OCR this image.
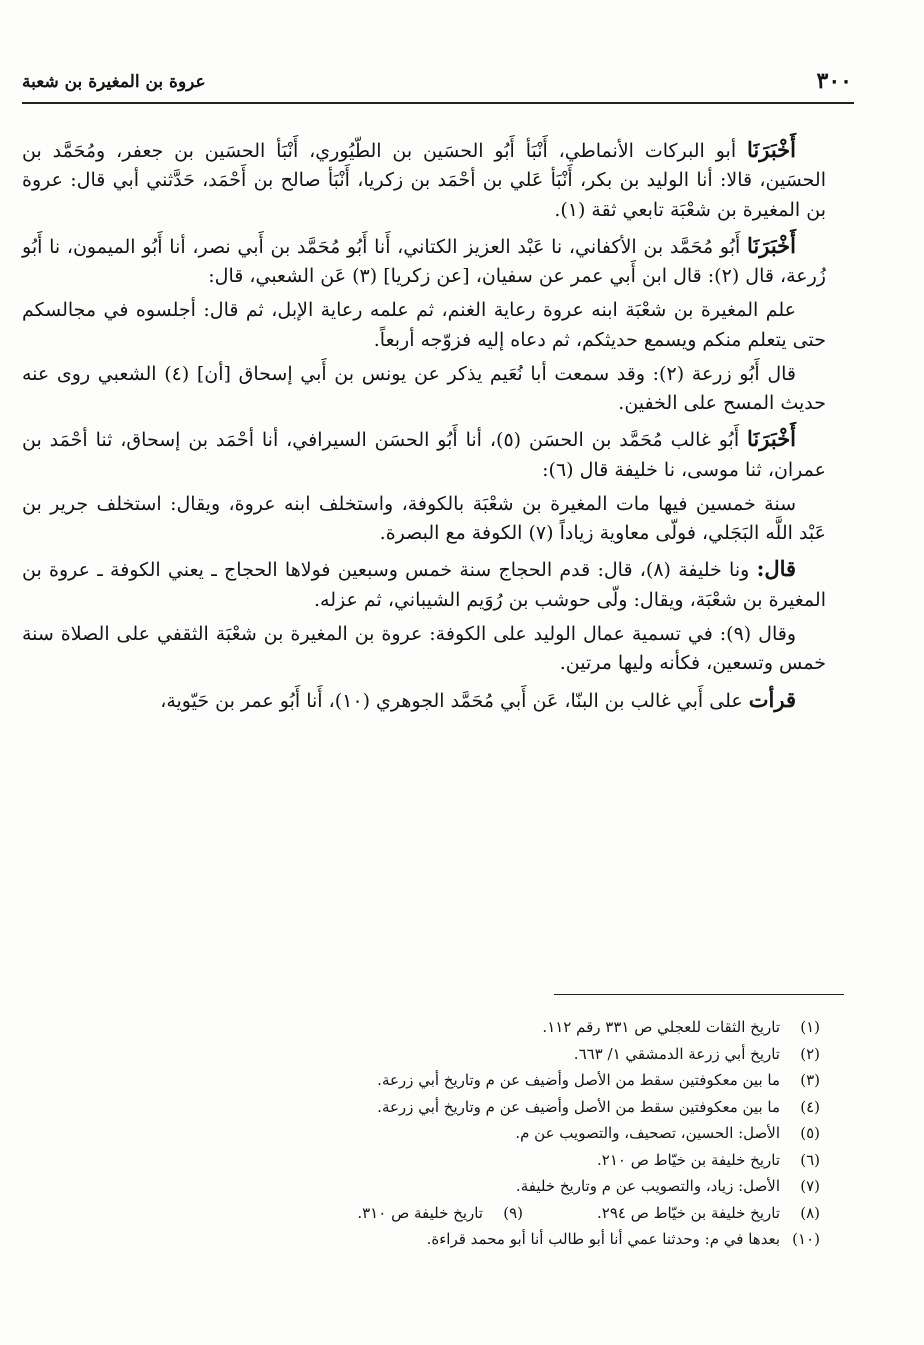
٣٠٠
عروة بن المغيرة بن شعبة

أَخْبَرَنَا أبو البركات الأنماطي، أَنْبَأ أَبُو الحسَين بن الطّيُوري، أَنْبَأ الحسَين بن جعفر، ومُحَمَّد بن الحسَين، قالا: أنا الوليد بن بكر، أَنْبَأ عَلي بن أحْمَد بن زكريا، أَنْبَأ صالح بن أَحْمَد، حَدَّثني أبي قال: عروة بن المغيرة بن شعْبَة تابعي ثقة (١).

أَخْبَرَنَا أَبُو مُحَمَّد بن الأكفاني، نا عَبْد العزيز الكتاني، أَنا أَبُو مُحَمَّد بن أَبي نصر، أنا أَبُو الميمون، نا أَبُو زُرعة، قال (٢): قال ابن أَبي عمر عن سفيان، [عن زكريا] (٣) عَن الشعبي، قال:

علم المغيرة بن شعْبَة ابنه عروة رعاية الغنم، ثم علمه رعاية الإبل، ثم قال: أجلسوه في مجالسكم حتى يتعلم منكم ويسمع حديثكم، ثم دعاه إليه فزوّجه أربعاً.

قال أَبُو زرعة (٢): وقد سمعت أبا نُعَيم يذكر عن يونس بن أَبي إسحاق [أن] (٤) الشعبي روى عنه حديث المسح على الخفين.

أَخْبَرَنَا أَبُو غالب مُحَمَّد بن الحسَن (٥)، أنا أَبُو الحسَن السيرافي، أنا أحْمَد بن إسحاق، ثنا أحْمَد بن عمران، ثنا موسى، نا خليفة قال (٦):

سنة خمسين فيها مات المغيرة بن شعْبَة بالكوفة، واستخلف ابنه عروة، ويقال: استخلف جرير بن عَبْد اللَّه البَجَلي، فولّى معاوية زياداً (٧) الكوفة مع البصرة.

قال: ونا خليفة (٨)، قال: قدم الحجاج سنة خمس وسبعين فولاها الحجاج ـ يعني الكوفة ـ عروة بن المغيرة بن شعْبَة، ويقال: ولّى حوشب بن رُوَيم الشيباني، ثم عزله.

وقال (٩): في تسمية عمال الوليد على الكوفة: عروة بن المغيرة بن شعْبَة الثقفي على الصلاة سنة خمس وتسعين، فكأنه وليها مرتين.

قرأت على أَبي غالب بن البنّا، عَن أَبي مُحَمَّد الجوهري (١٠)، أَنا أَبُو عمر بن حَيّوية،

(١)تاريخ الثقات للعجلي ص ٣٣١ رقم ١١٢.
(٢)تاريخ أبي زرعة الدمشقي ١/ ٦٦٣.
(٣)ما بين معكوفتين سقط من الأصل وأضيف عن م وتاريخ أبي زرعة.
(٤)ما بين معكوفتين سقط من الأصل وأضيف عن م وتاريخ أبي زرعة.
(٥)الأصل: الحسين، تصحيف، والتصويب عن م.
(٦)تاريخ خليفة بن خيّاط ص ٢١٠.
(٧)الأصل: زياد، والتصويب عن م وتاريخ خليفة.
(٨)تاريخ خليفة بن خيّاط ص ٢٩٤.(٩)تاريخ خليفة ص ٣١٠.
(١٠)بعدها في م: وحدثنا عمي أنا أبو طالب أنا أبو محمد قراءة.
